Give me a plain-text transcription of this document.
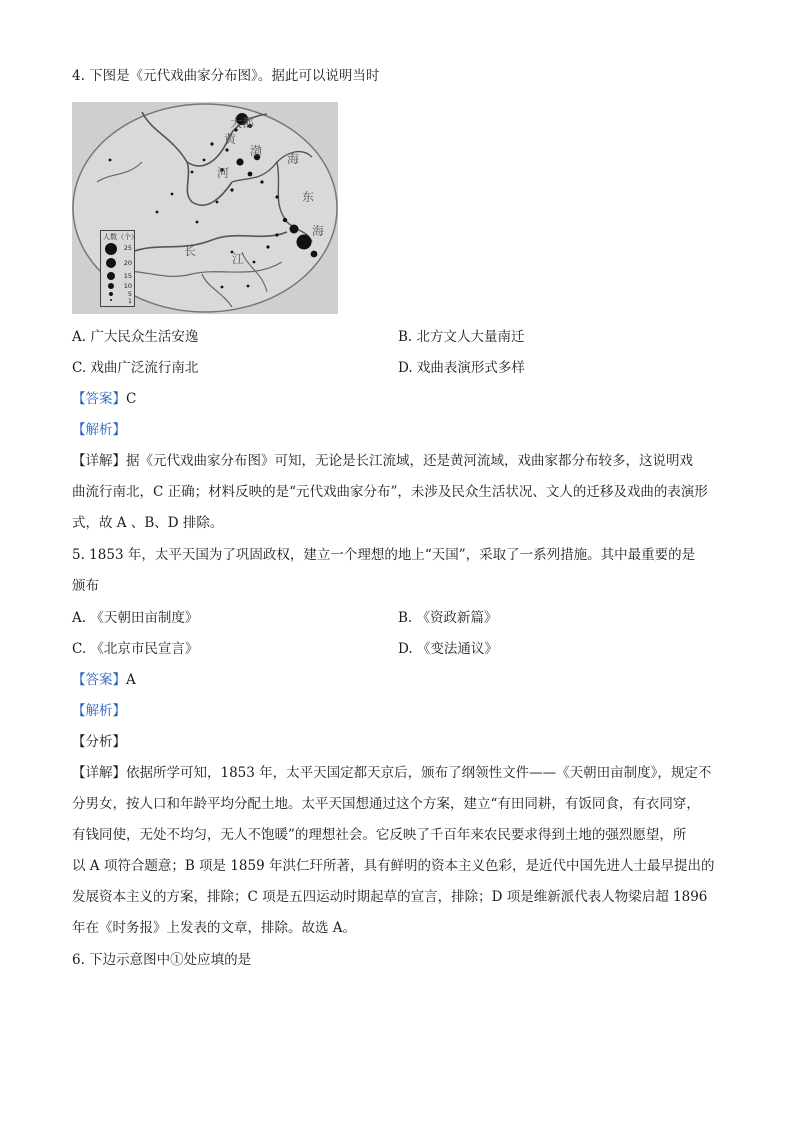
4. 下图是《元代戏曲家分布图》。据此可以说明当时
黄
大都
渤
海
河
东
海
长
江
人数（个）
25
20
15
10
5
1
A. 广大民众生活安逸	B. 北方文人大量南迁
C. 戏曲广泛流行南北	D. 戏曲表演形式多样
【答案】C
【解析】
【详解】据《元代戏曲家分布图》可知，无论是长江流域，还是黄河流域，戏曲家都分布较多，这说明戏
曲流行南北，C 正确；材料反映的是“元代戏曲家分布”，未涉及民众生活状况、文人的迁移及戏曲的表演形
式，故 A 、B、D 排除。
5. 1853 年，太平天国为了巩固政权，建立一个理想的地上“天国”，采取了一系列措施。其中最重要的是
颁布
A. 《天朝田亩制度》	B. 《资政新篇》
C. 《北京市民宣言》	D. 《变法通议》
【答案】A
【解析】
【分析】
【详解】依据所学可知，1853 年，太平天国定都天京后，颁布了纲领性文件——《天朝田亩制度》，规定不
分男女，按人口和年龄平均分配土地。太平天国想通过这个方案，建立“有田同耕，有饭同食，有衣同穿，
有钱同使，无处不均匀，无人不饱暖”的理想社会。它反映了千百年来农民要求得到土地的强烈愿望，所
以 A 项符合题意；B 项是 1859 年洪仁玕所著，具有鲜明的资本主义色彩，是近代中国先进人士最早提出的
发展资本主义的方案，排除；C 项是五四运动时期起草的宣言，排除；D 项是维新派代表人物梁启超 1896
年在《时务报》上发表的文章，排除。故选 A。
6. 下边示意图中①处应填的是
